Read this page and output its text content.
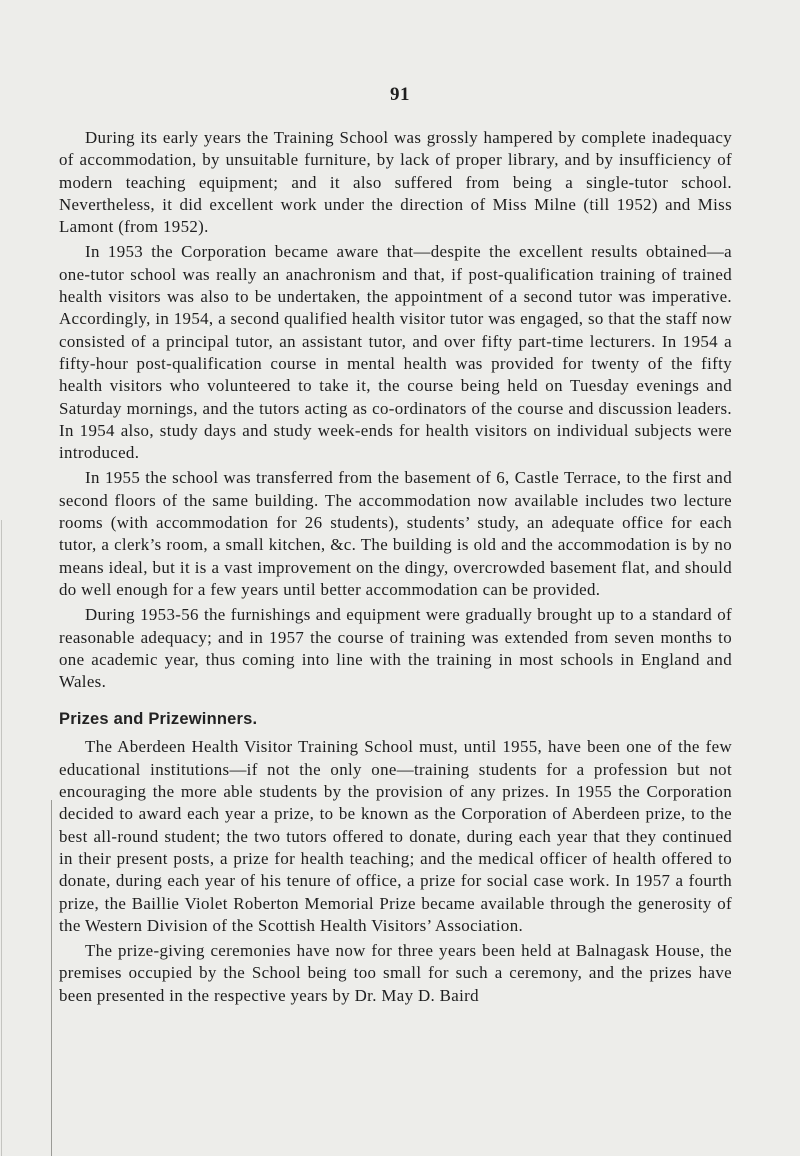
91

During its early years the Training School was grossly hampered by complete inadequacy of accommodation, by unsuitable furniture, by lack of proper library, and by insufficiency of modern teaching equipment; and it also suffered from being a single-tutor school. Nevertheless, it did excellent work under the direction of Miss Milne (till 1952) and Miss Lamont (from 1952).

In 1953 the Corporation became aware that—despite the excellent results obtained—a one-tutor school was really an anachronism and that, if post-qualification training of trained health visitors was also to be undertaken, the appointment of a second tutor was imperative. Accordingly, in 1954, a second qualified health visitor tutor was engaged, so that the staff now consisted of a principal tutor, an assistant tutor, and over fifty part-time lecturers. In 1954 a fifty-hour post-qualification course in mental health was provided for twenty of the fifty health visitors who volunteered to take it, the course being held on Tuesday evenings and Saturday mornings, and the tutors acting as co-ordinators of the course and discussion leaders. In 1954 also, study days and study week-ends for health visitors on individual subjects were introduced.

In 1955 the school was transferred from the basement of 6, Castle Terrace, to the first and second floors of the same building. The accommodation now available includes two lecture rooms (with accommodation for 26 students), students’ study, an adequate office for each tutor, a clerk’s room, a small kitchen, &c. The building is old and the accommodation is by no means ideal, but it is a vast improvement on the dingy, overcrowded basement flat, and should do well enough for a few years until better accommodation can be provided.

During 1953-56 the furnishings and equipment were gradually brought up to a standard of reasonable adequacy; and in 1957 the course of training was extended from seven months to one academic year, thus coming into line with the training in most schools in England and Wales.

Prizes and Prizewinners.

The Aberdeen Health Visitor Training School must, until 1955, have been one of the few educational institutions—if not the only one—training students for a profession but not encouraging the more able students by the provision of any prizes. In 1955 the Corporation decided to award each year a prize, to be known as the Corporation of Aberdeen prize, to the best all-round student; the two tutors offered to donate, during each year that they continued in their present posts, a prize for health teaching; and the medical officer of health offered to donate, during each year of his tenure of office, a prize for social case work. In 1957 a fourth prize, the Baillie Violet Roberton Memorial Prize became available through the generosity of the Western Division of the Scottish Health Visitors’ Association.

The prize-giving ceremonies have now for three years been held at Balnagask House, the premises occupied by the School being too small for such a ceremony, and the prizes have been presented in the respective years by Dr. May D. Baird
